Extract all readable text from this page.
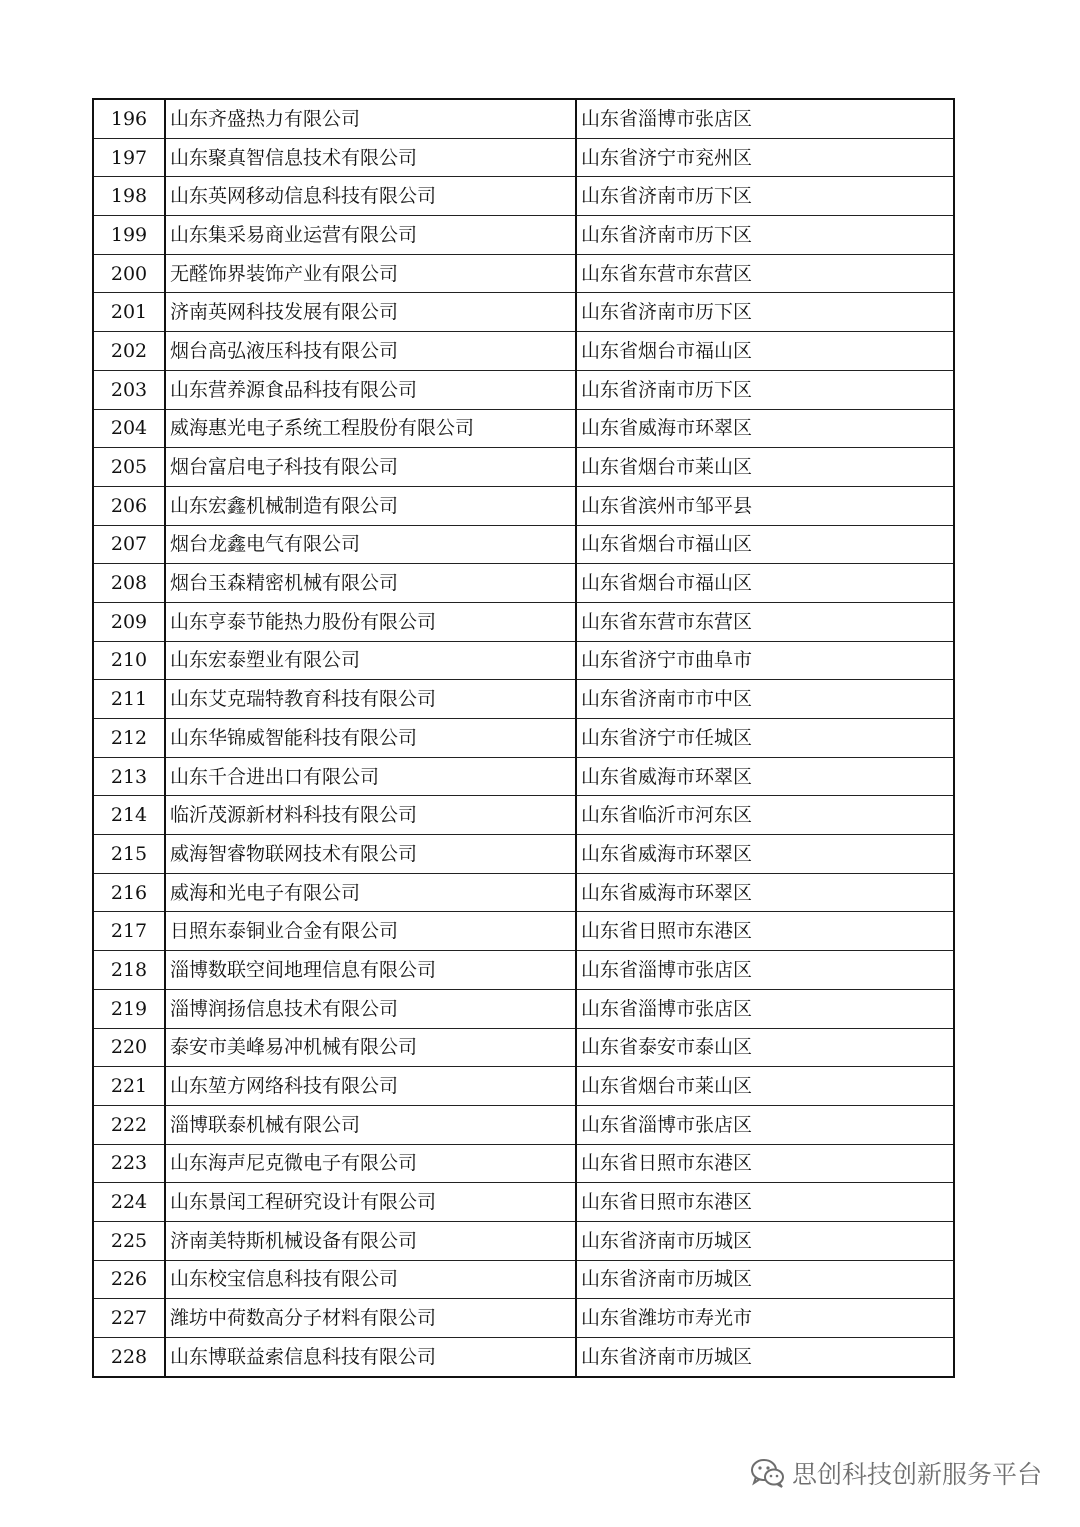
196	山东齐盛热力有限公司	山东省淄博市张店区
197	山东聚真智信息技术有限公司	山东省济宁市兖州区
198	山东英网移动信息科技有限公司	山东省济南市历下区
199	山东集采易商业运营有限公司	山东省济南市历下区
200	无醛饰界装饰产业有限公司	山东省东营市东营区
201	济南英网科技发展有限公司	山东省济南市历下区
202	烟台高弘液压科技有限公司	山东省烟台市福山区
203	山东营养源食品科技有限公司	山东省济南市历下区
204	威海惠光电子系统工程股份有限公司	山东省威海市环翠区
205	烟台富启电子科技有限公司	山东省烟台市莱山区
206	山东宏鑫机械制造有限公司	山东省滨州市邹平县
207	烟台龙鑫电气有限公司	山东省烟台市福山区
208	烟台玉森精密机械有限公司	山东省烟台市福山区
209	山东亨泰节能热力股份有限公司	山东省东营市东营区
210	山东宏泰塑业有限公司	山东省济宁市曲阜市
211	山东艾克瑞特教育科技有限公司	山东省济南市市中区
212	山东华锦威智能科技有限公司	山东省济宁市任城区
213	山东千合进出口有限公司	山东省威海市环翠区
214	临沂茂源新材料科技有限公司	山东省临沂市河东区
215	威海智睿物联网技术有限公司	山东省威海市环翠区
216	威海和光电子有限公司	山东省威海市环翠区
217	日照东泰铜业合金有限公司	山东省日照市东港区
218	淄博数联空间地理信息有限公司	山东省淄博市张店区
219	淄博润扬信息技术有限公司	山东省淄博市张店区
220	泰安市美峰易冲机械有限公司	山东省泰安市泰山区
221	山东堃方网络科技有限公司	山东省烟台市莱山区
222	淄博联泰机械有限公司	山东省淄博市张店区
223	山东海声尼克微电子有限公司	山东省日照市东港区
224	山东景闰工程研究设计有限公司	山东省日照市东港区
225	济南美特斯机械设备有限公司	山东省济南市历城区
226	山东校宝信息科技有限公司	山东省济南市历城区
227	潍坊中荷数高分子材料有限公司	山东省潍坊市寿光市
228	山东博联益索信息科技有限公司	山东省济南市历城区
思创科技创新服务平台
